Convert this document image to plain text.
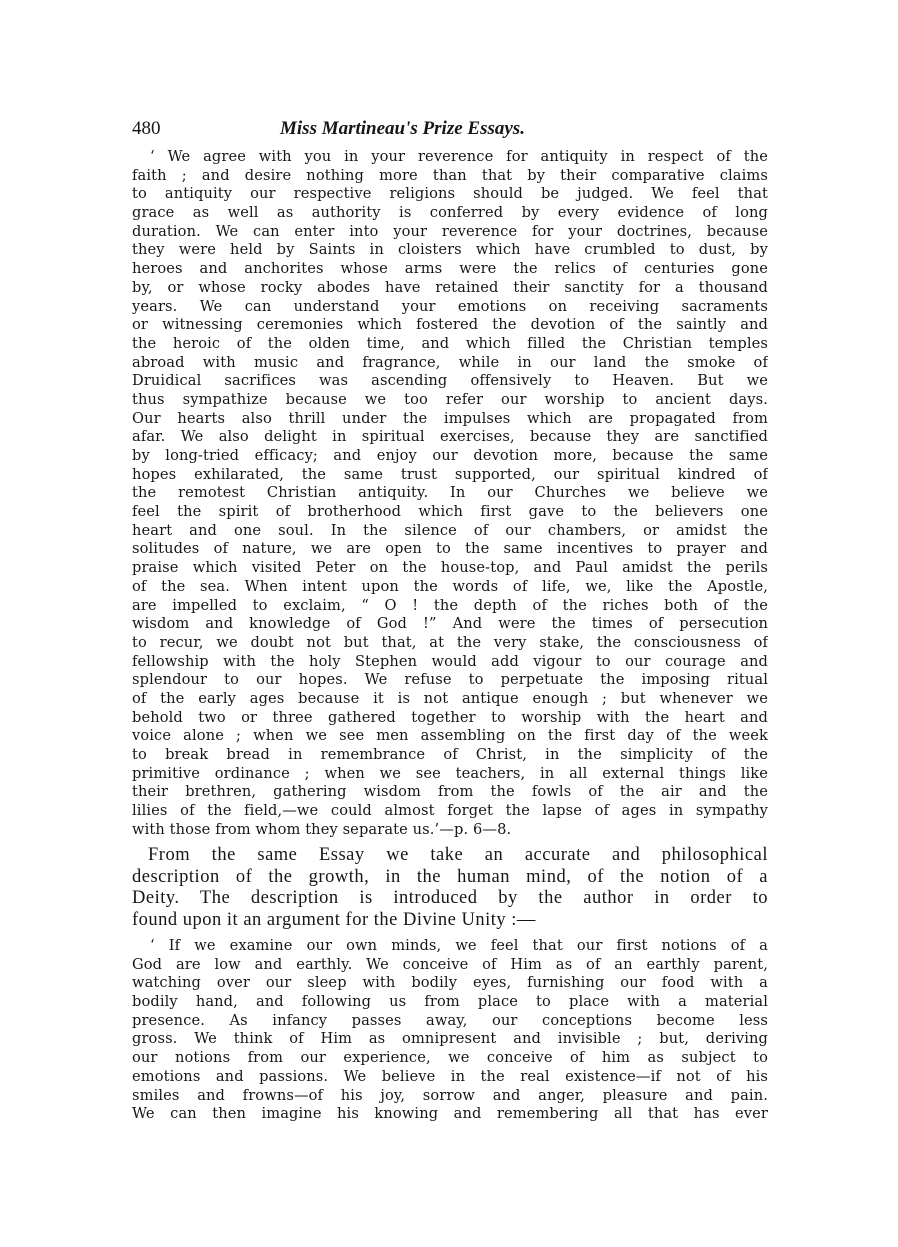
480	Miss Martineau's Prize Essays.
‘ We agree with you in your reverence for antiquity in respect of the
faith ; and desire nothing more than that by their comparative claims
to antiquity our respective religions should be judged. We feel that
grace as well as authority is conferred by every evidence of long
duration. We can enter into your reverence for your doctrines, because
they were held by Saints in cloisters which have crumbled to dust, by
heroes and anchorites whose arms were the relics of centuries gone
by, or whose rocky abodes have retained their sanctity for a thousand
years. We can understand your emotions on receiving sacraments
or witnessing ceremonies which fostered the devotion of the saintly and
the heroic of the olden time, and which filled the Christian temples
abroad with music and fragrance, while in our land the smoke of
Druidical sacrifices was ascending offensively to Heaven. But we
thus sympathize because we too refer our worship to ancient days.
Our hearts also thrill under the impulses which are propagated from
afar. We also delight in spiritual exercises, because they are sanctified
by long-tried efficacy; and enjoy our devotion more, because the same
hopes exhilarated, the same trust supported, our spiritual kindred of
the remotest Christian antiquity. In our Churches we believe we
feel the spirit of brotherhood which first gave to the believers one
heart and one soul. In the silence of our chambers, or amidst the
solitudes of nature, we are open to the same incentives to prayer and
praise which visited Peter on the house-top, and Paul amidst the perils
of the sea. When intent upon the words of life, we, like the Apostle,
are impelled to exclaim, “ O ! the depth of the riches both of the
wisdom and knowledge of God !” And were the times of persecution
to recur, we doubt not but that, at the very stake, the consciousness of
fellowship with the holy Stephen would add vigour to our courage and
splendour to our hopes. We refuse to perpetuate the imposing ritual
of the early ages because it is not antique enough ; but whenever we
behold two or three gathered together to worship with the heart and
voice alone ; when we see men assembling on the first day of the week
to break bread in remembrance of Christ, in the simplicity of the
primitive ordinance ; when we see teachers, in all external things like
their brethren, gathering wisdom from the fowls of the air and the
lilies of the field,—we could almost forget the lapse of ages in sympathy
with those from whom they separate us.’—p. 6—8.
From the same Essay we take an accurate and philosophical
description of the growth, in the human mind, of the notion of a
Deity. The description is introduced by the author in order to
found upon it an argument for the Divine Unity :—
‘ If we examine our own minds, we feel that our first notions of a
God are low and earthly. We conceive of Him as of an earthly parent,
watching over our sleep with bodily eyes, furnishing our food with a
bodily hand, and following us from place to place with a material
presence. As infancy passes away, our conceptions become less
gross. We think of Him as omnipresent and invisible ; but, deriving
our notions from our experience, we conceive of him as subject to
emotions and passions. We believe in the real existence—if not of his
smiles and frowns—of his joy, sorrow and anger, pleasure and pain.
We can then imagine his knowing and remembering all that has ever
